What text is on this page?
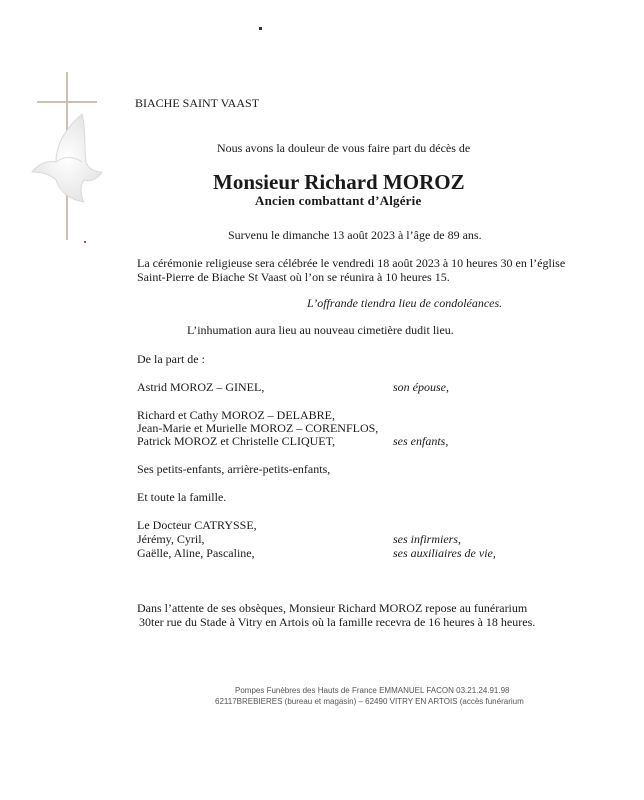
BIACHE SAINT VAAST
Nous avons la douleur de vous faire part du décès de
Monsieur Richard MOROZ
Ancien combattant d’Algérie
Survenu le dimanche 13 août 2023 à l’âge de 89 ans.
La cérémonie religieuse sera célébrée le vendredi 18 août 2023 à 10 heures 30 en l’église
Saint-Pierre de Biache St Vaast où l’on se réunira à 10 heures 15.
L’offrande tiendra lieu de condoléances.
L’inhumation aura lieu au nouveau cimetière dudit lieu.
De la part de :
Astrid MOROZ – GINEL,	son épouse,
Richard et Cathy MOROZ – DELABRE,
Jean-Marie et Murielle MOROZ – CORENFLOS,
Patrick MOROZ et Christelle CLIQUET,	ses enfants,
Ses petits-enfants, arrière-petits-enfants,
Et toute la famille.
Le Docteur CATRYSSE,
Jérémy, Cyril,	ses infirmiers,
Gaëlle, Aline, Pascaline,	ses auxiliaires de vie,
Dans l’attente de ses obsèques, Monsieur Richard MOROZ repose au funérarium
30ter rue du Stade à Vitry en Artois où la famille recevra de 16 heures à 18 heures.
Pompes Funèbres des Hauts de France EMMANUEL FACON 03.21.24.91.98
62117BREBIERES (bureau et magasin) – 62490 VITRY EN ARTOIS (accès funérarium
